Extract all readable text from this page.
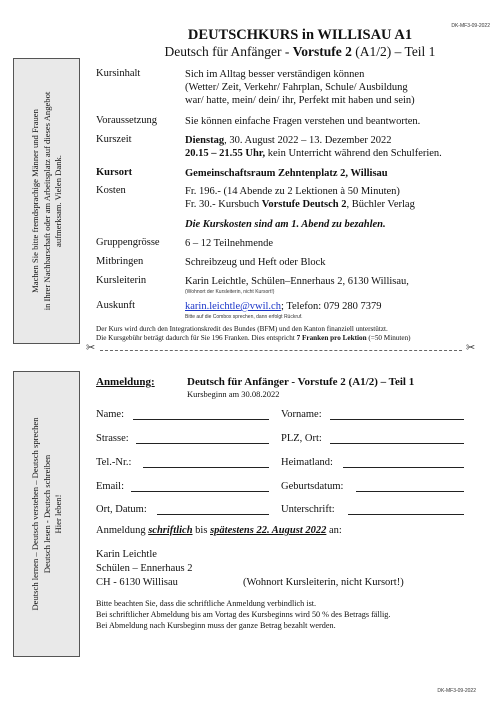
DK-MF3-09-2022
DK-MF3-09-2022
Machen Sie bitte fremdsprachige Männer und Frauen in Ihrer Nachbarschaft oder am Arbeitsplatz auf dieses Angebot aufmerksam. Vielen Dank.
Deutsch lernen – Deutsch verstehen – Deutsch sprechen Deutsch lesen - Deutsch schreiben Hier leben!
DEUTSCHKURS in WILLISAU A1
Deutsch für Anfänger - Vorstufe 2 (A1/2) – Teil 1
Kursinhalt	Sich im Alltag besser verständigen können
(Wetter/ Zeit, Verkehr/ Fahrplan, Schule/ Ausbildung
war/ hatte, mein/ dein/ ihr, Perfekt mit haben und sein)
Voraussetzung	Sie können einfache Fragen verstehen und beantworten.
Kurszeit	Dienstag, 30. August 2022 – 13. Dezember 2022
20.15 – 21.55 Uhr, kein Unterricht während den Schulferien.
Kursort	Gemeinschaftsraum Zehntenplatz 2, Willisau
Kosten	Fr. 196.- (14 Abende zu 2 Lektionen à 50 Minuten)
Fr. 30.- Kursbuch Vorstufe Deutsch 2, Büchler Verlag
Die Kurskosten sind am 1. Abend zu bezahlen.
Gruppengrösse 6 – 12 Teilnehmende
Mitbringen	Schreibzeug und Heft oder Block
Kursleiterin	Karin Leichtle, Schülen–Ennerhaus 2, 6130 Willisau,
(Wohnort der Kursleiterin, nicht Kursort!)
Auskunft	karin.leichtle@vwil.ch; Telefon: 079 280 7379
Bitte auf die Combox sprechen, dann erfolgt Rückruf.
Der Kurs wird durch den Integrationskredit des Bundes (BFM) und den Kanton finanziell unterstützt.
Die Kursgebühr beträgt dadurch für Sie 196 Franken. Dies entspricht 7 Franken pro Lektion (=50 Minuten)
✂	✂
Anmeldung:	Deutsch für Anfänger - Vorstufe 2 (A1/2) – Teil 1
Kursbeginn am 30.08.2022
Name:	Vorname:
Strasse:	PLZ, Ort:
Tel.-Nr.:	Heimatland:
Email:	Geburtsdatum:
Ort, Datum:	Unterschrift:
Anmeldung schriftlich bis spätestens 22. August 2022 an:
Karin Leichtle
Schülen – Ennerhaus 2
CH - 6130 Willisau	(Wohnort Kursleiterin, nicht Kursort!)
Bitte beachten Sie, dass die schriftliche Anmeldung verbindlich ist.
Bei schriftlicher Abmeldung bis am Vortag des Kursbeginns wird 50 % des Betrags fällig.
Bei Abmeldung nach Kursbeginn muss der ganze Betrag bezahlt werden.
